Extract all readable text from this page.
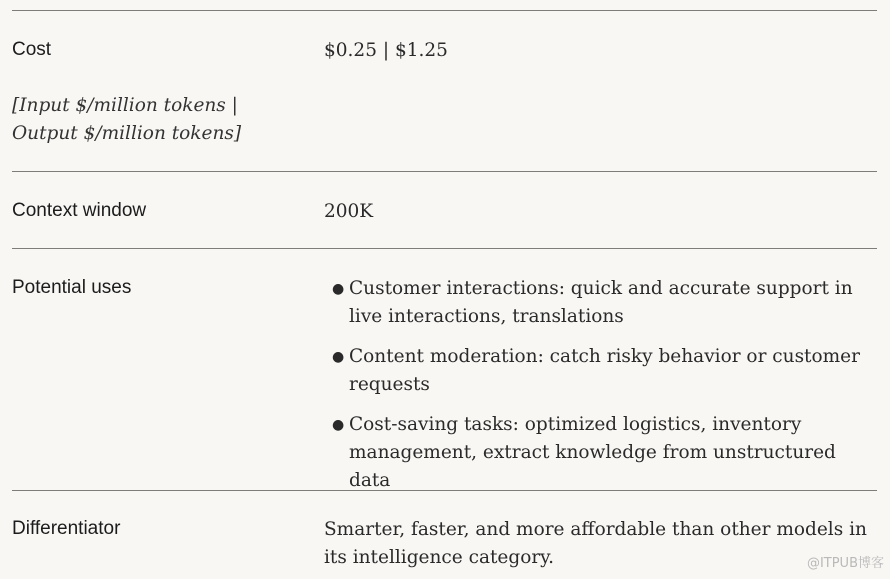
Cost	$0.25 | $1.25
[Input $/million tokens |
Output $/million tokens]
Context window	200K
Potential uses	● Customer interactions: quick and accurate support in
live interactions, translations
● Content moderation: catch risky behavior or customer
requests
● Cost-saving tasks: optimized logistics, inventory
management, extract knowledge from unstructured data
Differentiator	Smarter, faster, and more affordable than other models in
its intelligence category.	@ITPUB博客
